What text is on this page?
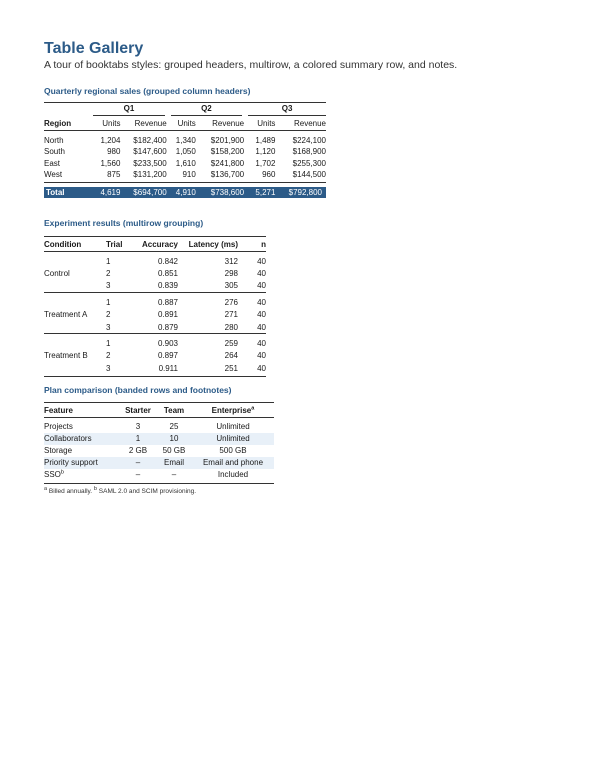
Table Gallery
A tour of booktabs styles: grouped headers, multirow, a colored summary row, and notes.
Quarterly regional sales (grouped column headers)

	Q1		Q2		Q3	

Region	Units	Revenue	Units	Revenue	Units	Revenue

North	1,204	$182,400	1,340	$201,900	1,489	$224,100
South	980	$147,600	1,050	$158,200	1,120	$168,900
East	1,560	$233,500	1,610	$241,800	1,702	$255,300
West	875	$131,200	910	$136,700	960	$144,500

Total	4,619	$694,700	4,910	$738,600	5,271	$792,800
Experiment results (multirow grouping)
Condition	Trial	Accuracy	Latency (ms)	n

Control	1	0.842	312	40
	2	0.851	298	40
	3	0.839	305	40

Treatment A	1	0.887	276	40
	2	0.891	271	40
	3	0.879	280	40

Treatment B	1	0.903	259	40
	2	0.897	264	40
	3	0.911	251	40

Plan comparison (banded rows and footnotes)
Feature	Starter	Team	Enterprise$^a$

Projects	3	25	Unlimited
Collaborators	1	10	Unlimited
Storage	2 GB	50 GB	500 GB
Priority support	–	Email	Email and phone
SSO$^b$	–	–	Included

$^a$ Billed annually. $^b$ SAML 2.0 and SCIM provisioning.
